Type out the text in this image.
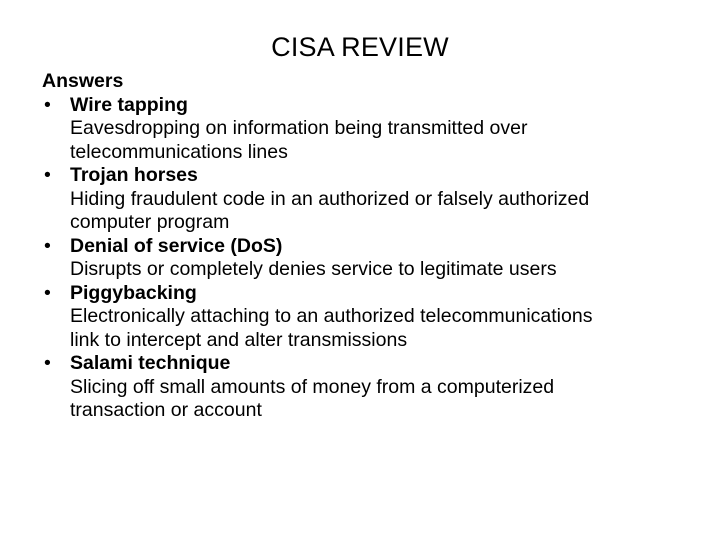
CISA REVIEW

Answers

• Wire tapping
Eavesdropping on information being transmitted over
telecommunications lines
• Trojan horses
Hiding fraudulent code in an authorized or falsely authorized
computer program
• Denial of service (DoS)
Disrupts or completely denies service to legitimate users
• Piggybacking
Electronically attaching to an authorized telecommunications
link to intercept and alter transmissions
• Salami technique
Slicing off small amounts of money from a computerized
transaction or account
